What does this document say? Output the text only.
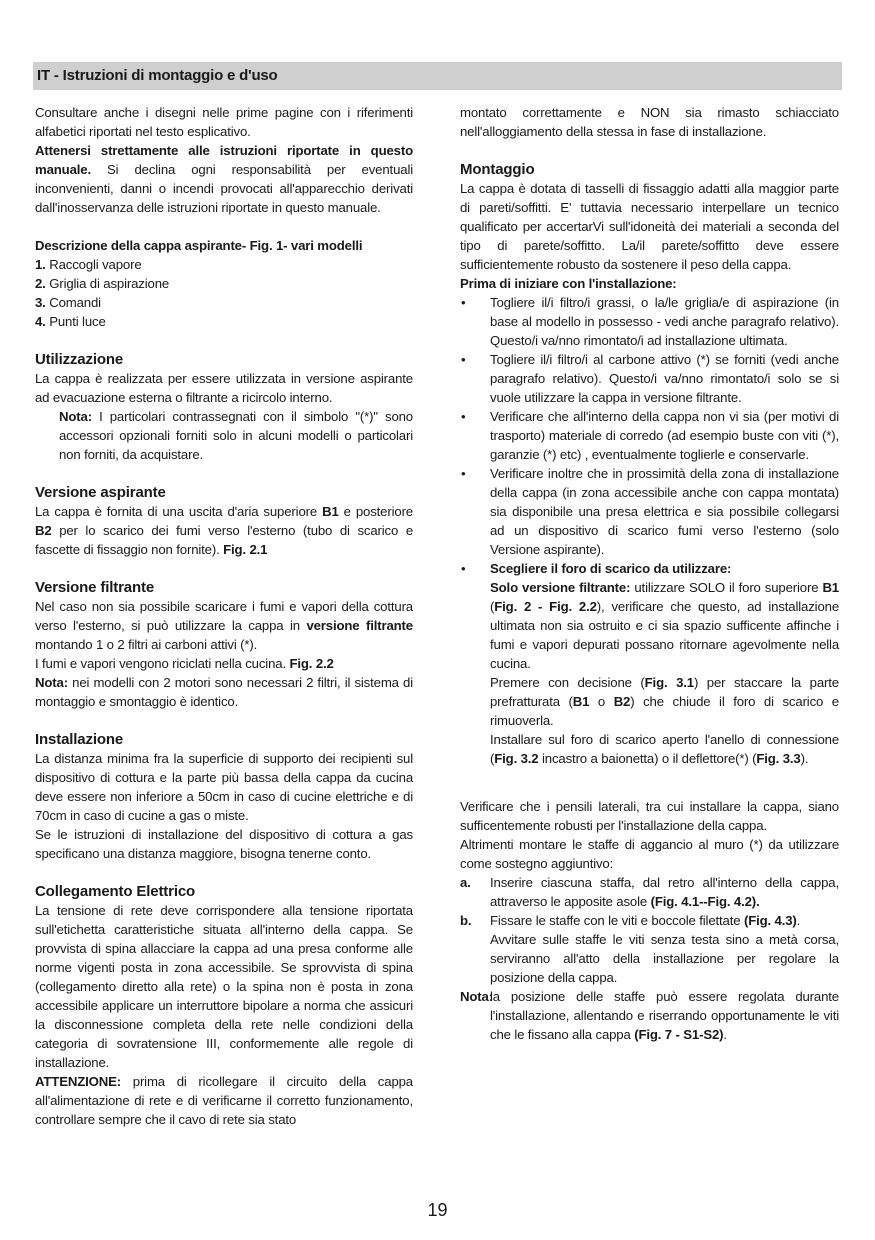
IT - Istruzioni di montaggio e d'uso

Consultare anche i disegni nelle prime pagine con i riferimenti alfabetici riportati nel testo esplicativo.

Attenersi strettamente alle istruzioni riportate in questo manuale. Si declina ogni responsabilità per eventuali inconvenienti, danni o incendi provocati all'apparecchio derivati dall'inosservanza delle istruzioni riportate in questo manuale.

Descrizione della cappa aspirante- Fig. 1- vari modelli

1. Raccogli vapore

2. Griglia di aspirazione

3. Comandi

4. Punti luce

Utilizzazione

La cappa è realizzata per essere utilizzata in versione aspirante ad evacuazione esterna o filtrante a ricircolo interno.

Nota: I particolari contrassegnati con il simbolo "(*)" sono accessori opzionali forniti solo in alcuni modelli o particolari non forniti, da acquistare.

Versione aspirante

La cappa è fornita di una uscita d'aria superiore B1 e posteriore B2 per lo scarico dei fumi verso l'esterno (tubo di scarico e fascette di fissaggio non fornite). Fig. 2.1

Versione filtrante

Nel caso non sia possibile scaricare i fumi e vapori della cottura verso l'esterno, si può utilizzare la cappa in versione filtrante montando 1 o 2 filtri ai carboni attivi (*).

I fumi e vapori vengono riciclati nella cucina. Fig. 2.2

Nota: nei modelli con 2 motori sono necessari 2 filtri, il sistema di montaggio e smontaggio è identico.

Installazione

La distanza minima fra la superficie di supporto dei recipienti sul dispositivo di cottura e la parte più bassa della cappa da cucina deve essere non inferiore a 50cm in caso di cucine elettriche e di 70cm in caso di cucine a gas o miste.

Se le istruzioni di installazione del dispositivo di cottura a gas specificano una distanza maggiore, bisogna tenerne conto.

Collegamento Elettrico

La tensione di rete deve corrispondere alla tensione riportata sull'etichetta caratteristiche situata all'interno della cappa. Se provvista di spina allacciare la cappa ad una presa conforme alle norme vigenti posta in zona accessibile. Se sprovvista di spina (collegamento diretto alla rete) o la spina non è posta in zona accessibile applicare un interruttore bipolare a norma che assicuri la disconnessione completa della rete nelle condizioni della categoria di sovratensione III, conformemente alle regole di installazione.

ATTENZIONE: prima di ricollegare il circuito della cappa all'alimentazione di rete e di verificarne il corretto funzionamento, controllare sempre che il cavo di rete sia stato

montato correttamente e NON sia rimasto schiacciato nell'alloggiamento della stessa in fase di installazione.

Montaggio

La cappa è dotata di tasselli di fissaggio adatti alla maggior parte di pareti/soffitti. E' tuttavia necessario interpellare un tecnico qualificato per accertarVi sull'idoneità dei materiali a seconda del tipo di parete/soffitto. La/il parete/soffitto deve essere sufficientemente robusto da sostenere il peso della cappa.

Prima di iniziare con l'installazione:

• Togliere il/i filtro/i grassi, o la/le griglia/e di aspirazione (in base al modello in possesso - vedi anche paragrafo relativo). Questo/i va/nno rimontato/i ad installazione ultimata.
• Togliere il/i filtro/i al carbone attivo (*) se forniti (vedi anche paragrafo relativo). Questo/i va/nno rimontato/i solo se si vuole utilizzare la cappa in versione filtrante.
• Verificare che all'interno della cappa non vi sia (per motivi di trasporto) materiale di corredo (ad esempio buste con viti (*), garanzie (*) etc) , eventualmente toglierle e conservarle.
• Verificare inoltre che in prossimità della zona di installazione della cappa (in zona accessibile anche con cappa montata) sia disponibile una presa elettrica e sia possibile collegarsi ad un dispositivo di scarico fumi verso l'esterno (solo Versione aspirante).
• Scegliere il foro di scarico da utilizzare:
Solo versione filtrante: utilizzare SOLO il foro superiore B1 (Fig. 2 - Fig. 2.2), verificare che questo, ad installazione ultimata non sia ostruito e ci sia spazio sufficente affinche i fumi e vapori depurati possano ritornare agevolmente nella cucina.
Premere con decisione (Fig. 3.1) per staccare la parte prefratturata (B1 o B2) che chiude il foro di scarico e rimuoverla.
Installare sul foro di scarico aperto l'anello di connessione (Fig. 3.2 incastro a baionetta) o il deflettore(*) (Fig. 3.3).

Verificare che i pensili laterali, tra cui installare la cappa, siano sufficentemente robusti per l'installazione della cappa.

Altrimenti montare le staffe di aggancio al muro (*) da utilizzare come sostegno aggiuntivo:

a. Inserire ciascuna staffa, dal retro all'interno della cappa, attraverso le apposite asole (Fig. 4.1--Fig. 4.2).

b. Fissare le staffe con le viti e boccole filettate (Fig. 4.3).
Avvitare sulle staffe le viti senza testa sino a metà corsa, serviranno all'atto della installazione per regolare la posizione della cappa.

Nota:
la posizione delle staffe può essere regolata durante l'installazione, allentando e riserrando opportunamente le viti che le fissano alla cappa (Fig. 7 - S1-S2).

19
